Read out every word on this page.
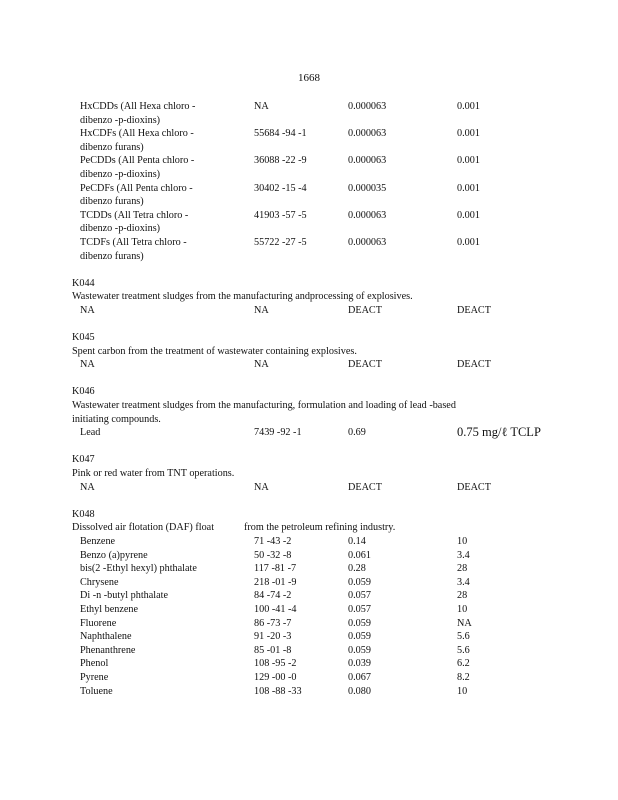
1668
HxCDDs (All Hexa chloro -	NA	0.000063	0.001
dibenzo -p-dioxins)
HxCDFs (All Hexa chloro -	55684 -94 -1	0.000063	0.001
dibenzo furans)
PeCDDs (All Penta chloro -	36088 -22 -9	0.000063	0.001
dibenzo -p-dioxins)
PeCDFs (All Penta chloro -	30402 -15 -4	0.000035	0.001
dibenzo furans)
TCDDs (All Tetra chloro -	41903 -57 -5	0.000063	0.001
dibenzo -p-dioxins)
TCDFs (All Tetra chloro -	55722 -27 -5	0.000063	0.001
dibenzo furans)
K044
Wastewater treatment sludges from the manufacturing andprocessing of explosives.
NA	NA	DEACT	DEACT
K045
Spent carbon from the treatment of wastewater containing explosives.
NA	NA	DEACT	DEACT
K046
Wastewater treatment sludges from the manufacturing, formulation and loading of lead -based
initiating compounds.
Lead	7439 -92 -1	0.69	0.75 mg/ℓ TCLP
K047
Pink or red water from TNT operations.
NA	NA	DEACT	DEACT
K048
Dissolved air flotation (DAF) float	from the petroleum refining industry.
Benzene	71 -43 -2	0.14	10
Benzo (a)pyrene	50 -32 -8	0.061	3.4
bis(2 -Ethyl hexyl) phthalate	117 -81 -7	0.28	28
Chrysene	218 -01 -9	0.059	3.4
Di -n -butyl phthalate	84 -74 -2	0.057	28
Ethyl benzene	100 -41 -4	0.057	10
Fluorene	86 -73 -7	0.059	NA
Naphthalene	91 -20 -3	0.059	5.6
Phenanthrene	85 -01 -8	0.059	5.6
Phenol	108 -95 -2	0.039	6.2
Pyrene	129 -00 -0	0.067	8.2
Toluene	108 -88 -33	0.080	10
